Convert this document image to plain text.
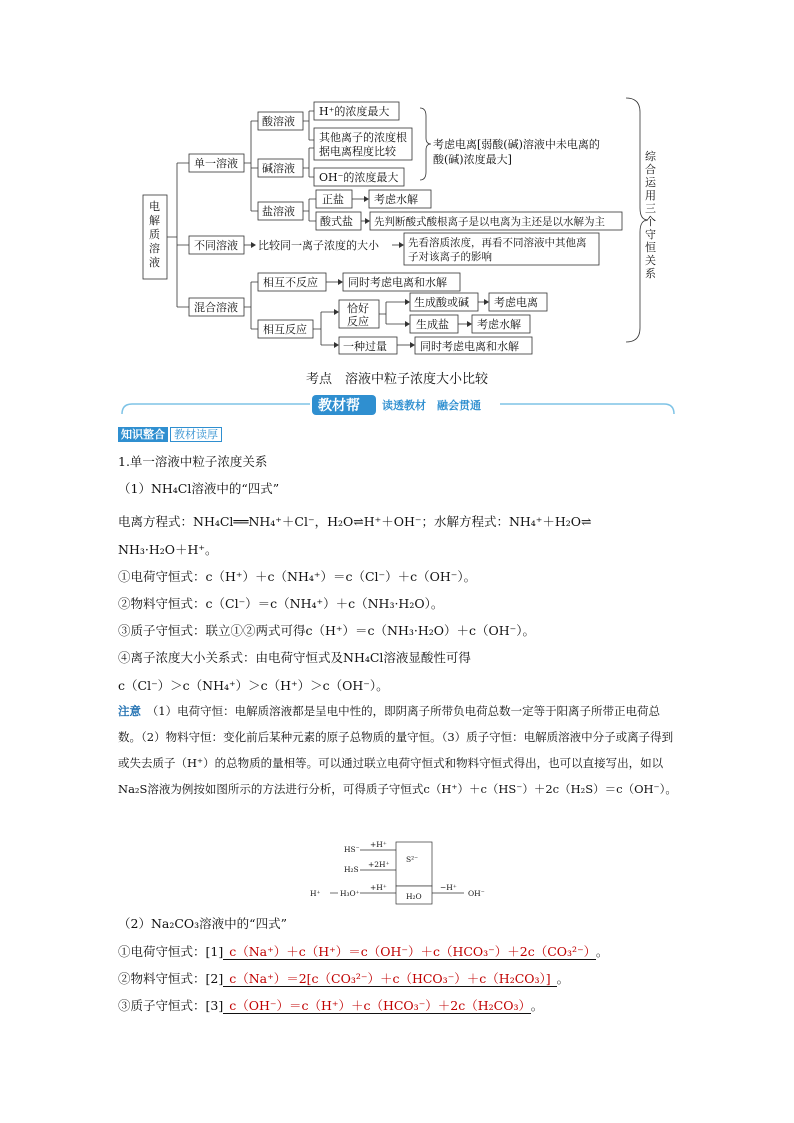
电 解 质 溶 液
单一溶液
不同溶液
混合溶液
酸溶液
碱溶液
盐溶液
H⁺的浓度最大
其他离子的浓度根
据电离程度比较
OH⁻的浓度最大
考虑电离[弱酸(碱)溶液中未电离的
酸(碱)浓度最大]
正盐	考虑水解
酸式盐 先判断酸式酸根离子是以电离为主还是以水解为主
比较同一离子浓度的大小	先看溶质浓度，再看不同溶液中其他离
子对该离子的影响
相互不反应	同时考虑电离和水解
相互反应
恰好
反应
生成酸或碱 考虑电离
生成盐	考虑水解
一种过量	同时考虑电离和水解
综合运用三个守恒关系
考点　溶液中粒子浓度大小比较
教材帮 读透教材　融会贯通
知识整合 教材读厚
1.单一溶液中粒子浓度关系
（1）NH₄Cl溶液中的“四式”
电离方程式：NH₄Cl══NH₄⁺＋Cl⁻，H₂O⇌H⁺＋OH⁻；水解方程式：NH₄⁺＋H₂O⇌
NH₃·H₂O＋H⁺。
①电荷守恒式：c（H⁺）＋c（NH₄⁺）＝c（Cl⁻）＋c（OH⁻）。
②物料守恒式：c（Cl⁻）＝c（NH₄⁺）＋c（NH₃·H₂O）。
③质子守恒式：联立①②两式可得c（H⁺）＝c（NH₃·H₂O）＋c（OH⁻）。
④离子浓度大小关系式：由电荷守恒式及NH₄Cl溶液显酸性可得
c（Cl⁻）＞c（NH₄⁺）＞c（H⁺）＞c（OH⁻）。
注意　 （1）电荷守恒：电解质溶液都是呈电中性的，即阴离子所带负电荷总数一定等于阳离子所带正电荷总数。（2）物料守恒：变化前后某种元素的原子总物质的量守恒。（3）质子守恒：电解质溶液中分子或离子得到或失去质子（H⁺）的总物质的量相等。可以通过联立电荷守恒式和物料守恒式得出，也可以直接写出，如以Na₂S溶液为例按如图所示的方法进行分析，可得质子守恒式c（H⁺）＋c（HS⁻）＋2c（H₂S）＝c（OH⁻）。
S²⁻
H₂O
HS⁻
H₂S
H₃O⁺
H⁺
+H⁺
+2H⁺
+H⁺	−H⁺
OH⁻
（2）Na₂CO₃溶液中的“四式”
①电荷守恒式：[1] c（Na⁺）＋c（H⁺）＝c（OH⁻）＋c（HCO₃⁻）＋2c（CO₃²⁻） 。
②物料守恒式：[2] c（Na⁺）＝2[c（CO₃²⁻）＋c（HCO₃⁻）＋c（H₂CO₃）] 。
③质子守恒式：[3] c（OH⁻）＝c（H⁺）＋c（HCO₃⁻）＋2c（H₂CO₃） 。
